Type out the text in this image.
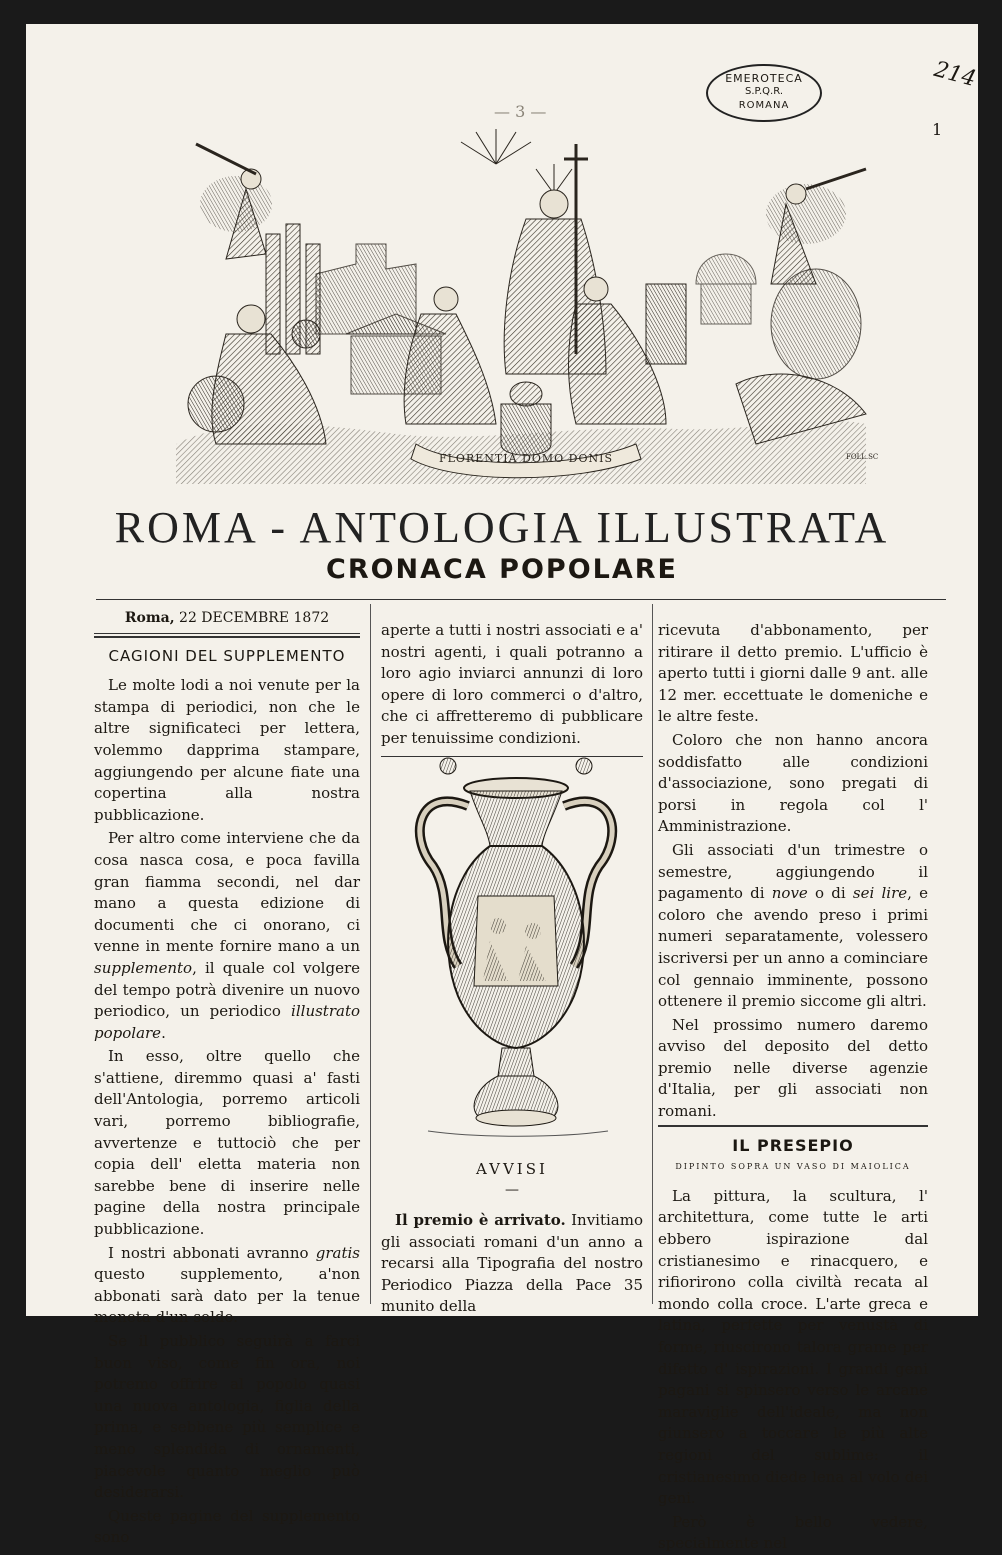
— 3 —
EMEROTECA
S.P.Q.R.
ROMANA
214
1
FLORENTIA DOMO DONIS	FOLL.SC
ROMA - ANTOLOGIA ILLUSTRATA
CRONACA POPOLARE
Roma, 22 DECEMBRE 1872
CAGIONI DEL SUPPLEMENTO

Le molte lodi a noi venute per la stampa di periodici, non che le altre significateci per lettera, volemmo dapprima stampare, aggiungendo per alcune fiate una copertina alla nostra pubblicazione.

Per altro come interviene che da cosa nasca cosa, e poca favilla gran fiamma secondi, nel dar mano a questa edizione di documenti che ci onorano, ci venne in mente fornire mano a un supplemento, il quale col volgere del tempo potrà divenire un nuovo periodico, un periodico illustrato popolare.

In esso, oltre quello che s'attiene, diremmo quasi a' fasti dell'Antologia, porremo articoli vari, porremo bibliografie, avvertenze e tuttociò che per copia dell' eletta materia non sarebbe bene di inserire nelle pagine della nostra principale pubblicazione.

I nostri abbonati avranno gratis questo supplemento, a'non abbonati sarà dato per la tenue moneta d'un soldo.

Se il pubblico seguirà a farci buon viso, come fin ora, noi potremo offrire al popolo quasi una nuova antologia, figlia della prima, e sebbene più semplice e meno splendida di ornamenti, piacevole quanto meglio può desiderarsi.

Queste pagine del supplemento sono

aperte a tutti i nostri associati e a' nostri agenti, i quali potranno a loro agio inviarci annunzi di loro opere di loro commerci o d'altro, che ci affretteremo di pubblicare per tenuissime condizioni.

AVVISI
—

Il premio è arrivato. Invitiamo gli associati romani d'un anno a recarsi alla Tipografia del nostro Periodico Piazza della Pace 35 munito della

ricevuta d'abbonamento, per ritirare il detto premio. L'ufficio è aperto tutti i giorni dalle 9 ant. alle 12 mer. eccettuate le domeniche e le altre feste.

Coloro che non hanno ancora soddisfatto alle condizioni d'associazione, sono pregati di porsi in regola col l' Amministrazione.

Gli associati d'un trimestre o semestre, aggiungendo il pagamento di nove o di sei lire, e coloro che avendo preso i primi numeri separatamente, volessero iscriversi per un anno a cominciare col gennaio imminente, possono ottenere il premio siccome gli altri.

Nel prossimo numero daremo avviso del deposito del detto premio nelle diverse agenzie d'Italia, per gli associati non romani.

IL PRESEPIO
DIPINTO SOPRA UN VASO DI MAIOLICA

La pittura, la scultura, l' architettura, come tutte le arti ebbero ispirazione dal cristianesimo e rinacquero, e rifiorirono colla civiltà recata al mondo colla croce. L'arte greca e latina, perfette per venustà di forme, riuscirono talora grame per difetto d' ispirazioni. I grandi geni pagani si spinsero verso le arcane maraviglie dell'ideale, ma non giunsero a toccare le più alte regioni del sublime: il cristianesimo diede lena al volo dei geni.

Però è bello vedere, specialmente nel
